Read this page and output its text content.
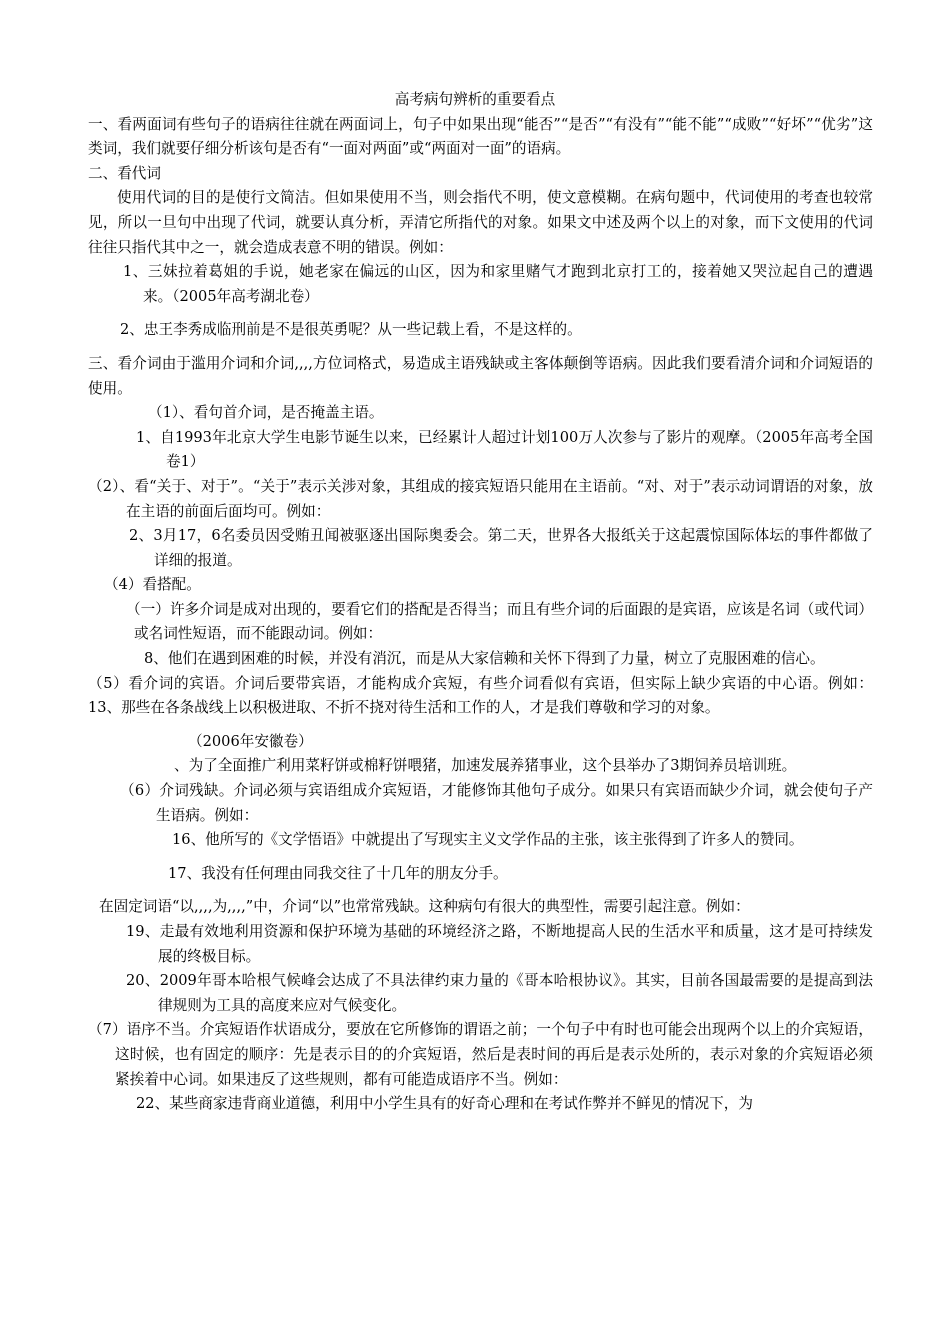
高考病句辨析的重要看点

一、看两面词有些句子的语病往往就在两面词上，句子中如果出现“能否”“是否”“有没有”“能不能”“成败”“好坏”“优劣”这类词，我们就要仔细分析该句是否有“一面对两面”或“两面对一面”的语病。

二、看代词

使用代词的目的是使行文简洁。但如果使用不当，则会指代不明，使文意模糊。在病句题中，代词使用的考查也较常见，所以一旦句中出现了代词，就要认真分析，弄清它所指代的对象。如果文中述及两个以上的对象，而下文使用的代词往往只指代其中之一，就会造成表意不明的错误。例如：

1、三妹拉着葛姐的手说，她老家在偏远的山区，因为和家里赌气才跑到北京打工的，接着她又哭泣起自己的遭遇来。（2005年高考湖北卷）

2、忠王李秀成临刑前是不是很英勇呢？从一些记载上看，不是这样的。

三、看介词由于滥用介词和介词,,,,方位词格式，易造成主语残缺或主客体颠倒等语病。因此我们要看清介词和介词短语的使用。

（1）、看句首介词，是否掩盖主语。

1、自1993年北京大学生电影节诞生以来，已经累计人超过计划100万人次参与了影片的观摩。（2005年高考全国卷1）

（2）、看“关于、对于”。“关于”表示关涉对象，其组成的接宾短语只能用在主语前。“对、对于”表示动词谓语的对象，放在主语的前面后面均可。例如：

2、3月17，6名委员因受贿丑闻被驱逐出国际奥委会。第二天，世界各大报纸关于这起震惊国际体坛的事件都做了详细的报道。

（4）看搭配。

（一）许多介词是成对出现的，要看它们的搭配是否得当；而且有些介词的后面跟的是宾语，应该是名词（或代词）或名词性短语，而不能跟动词。例如：

8、他们在遇到困难的时候，并没有消沉，而是从大家信赖和关怀下得到了力量，树立了克服困难的信心。

（5）看介词的宾语。介词后要带宾语，才能构成介宾短，有些介词看似有宾语，但实际上缺少宾语的中心语。例如：13、那些在各条战线上以积极进取、不折不挠对待生活和工作的人，才是我们尊敬和学习的对象。

（2006年安徽卷）

、为了全面推广利用菜籽饼或棉籽饼喂猪，加速发展养猪事业，这个县举办了3期饲养员培训班。

（6）介词残缺。介词必须与宾语组成介宾短语，才能修饰其他句子成分。如果只有宾语而缺少介词，就会使句子产生语病。例如：

16、他所写的《文学悟语》中就提出了写现实主义文学作品的主张，该主张得到了许多人的赞同。

17、我没有任何理由同我交往了十几年的朋友分手。

在固定词语“以,,,,为,,,,”中，介词“以”也常常残缺。这种病句有很大的典型性，需要引起注意。例如：

19、走最有效地利用资源和保护环境为基础的环境经济之路，不断地提高人民的生活水平和质量，这才是可持续发展的终极目标。

20、2009年哥本哈根气候峰会达成了不具法律约束力量的《哥本哈根协议》。其实，目前各国最需要的是提高到法律规则为工具的高度来应对气候变化。

（7）语序不当。介宾短语作状语成分，要放在它所修饰的谓语之前；一个句子中有时也可能会出现两个以上的介宾短语，这时候，也有固定的顺序：先是表示目的的介宾短语，然后是表时间的再后是表示处所的，表示对象的介宾短语必须紧挨着中心词。如果违反了这些规则，都有可能造成语序不当。例如：

22、某些商家违背商业道德，利用中小学生具有的好奇心理和在考试作弊并不鲜见的情况下，为
